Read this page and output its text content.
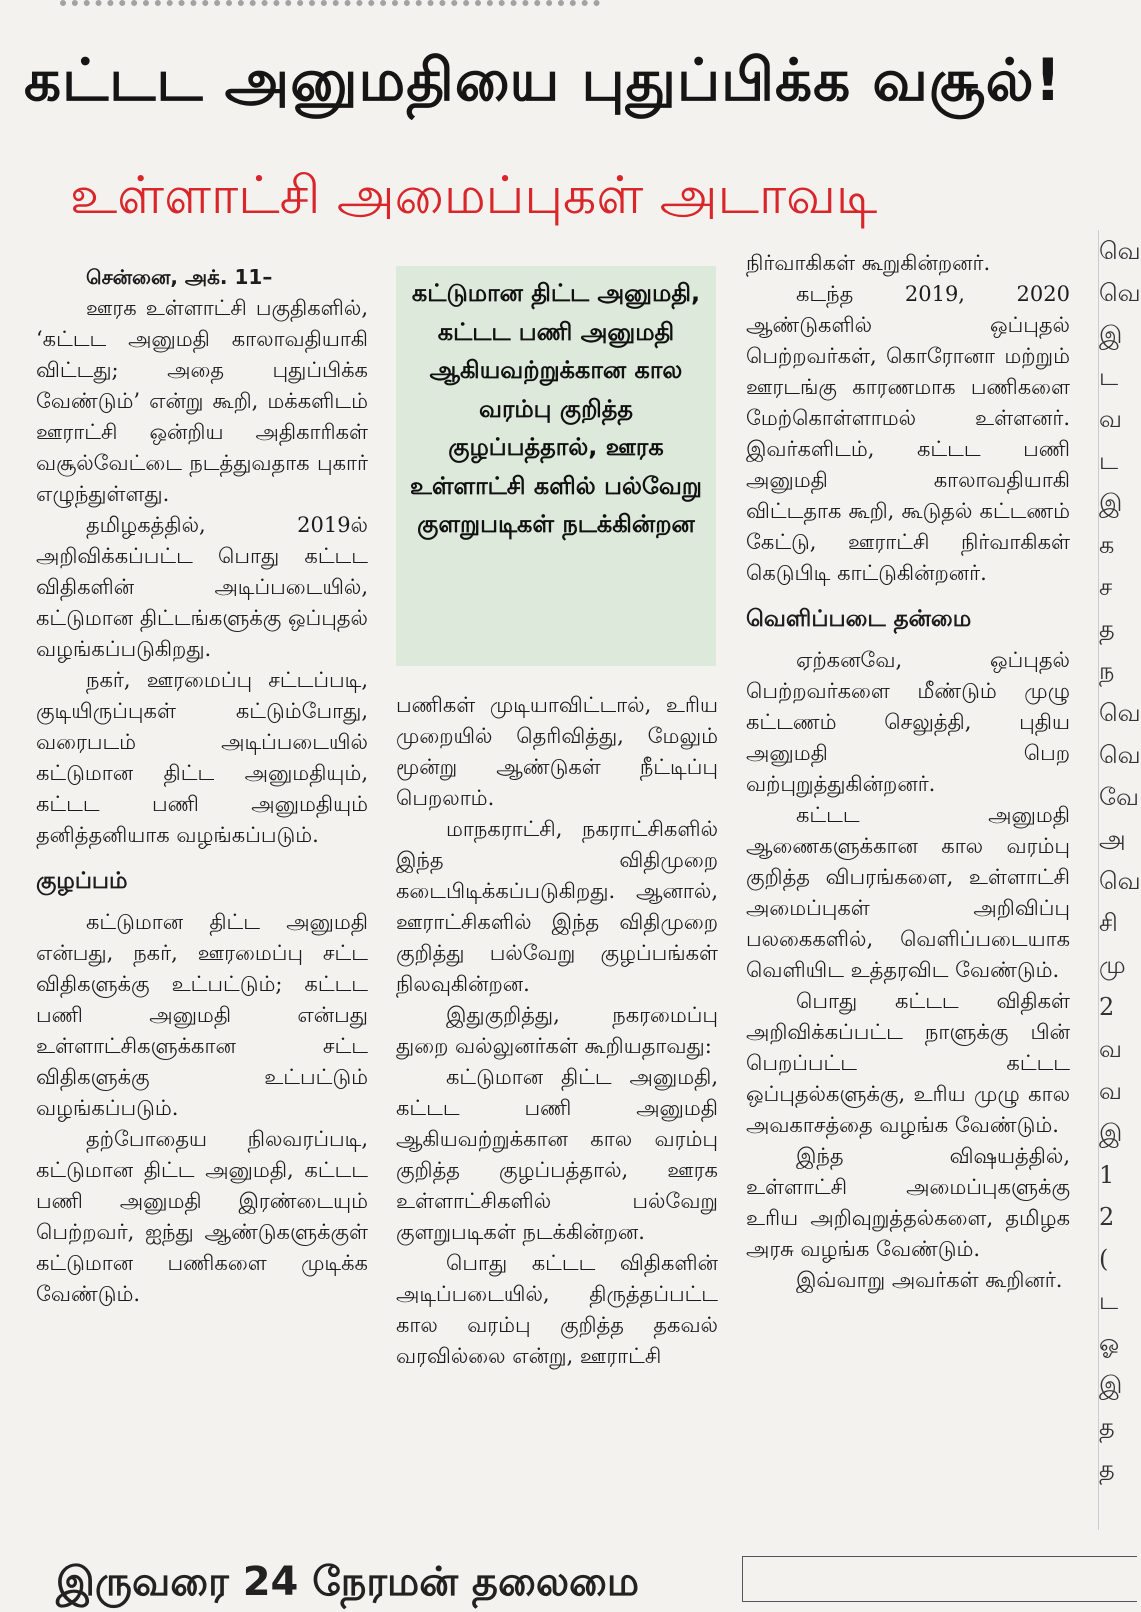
கட்டட அனுமதியை புதுப்பிக்க வசூல்!
உள்ளாட்சி அமைப்புகள் அடாவடி

சென்னை, அக். 11–

ஊரக உள்ளாட்சி பகுதிகளில், ‘கட்டட அனுமதி காலாவதியாகி விட்டது; அதை புதுப்பிக்க வேண்டும்’ என்று கூறி, மக்களிடம் ஊராட்சி ஒன்றிய அதிகாரிகள் வசூல்வேட்டை நடத்துவதாக புகார் எழுந்துள்ளது.

தமிழகத்தில், 2019ல் அறிவிக்கப்பட்ட பொது கட்டட விதிகளின் அடிப்படையில், கட்டுமான திட்டங்களுக்கு ஒப்புதல் வழங்கப்படுகிறது.

நகர், ஊரமைப்பு சட்டப்படி, குடியிருப்புகள் கட்டும்போது, வரைபடம் அடிப்படையில் கட்டுமான திட்ட அனுமதியும், கட்டட பணி அனுமதியும் தனித்தனியாக வழங்கப்படும்.

குழப்பம்

கட்டுமான திட்ட அனுமதி என்பது, நகர், ஊரமைப்பு சட்ட விதிகளுக்கு உட்பட்டும்; கட்டட பணி அனுமதி என்பது உள்ளாட்சிகளுக்கான சட்ட விதிகளுக்கு உட்பட்டும் வழங்கப்படும்.

தற்போதைய நிலவரப்படி, கட்டுமான திட்ட அனுமதி, கட்டட பணி அனுமதி இரண்டையும் பெற்றவர், ஐந்து ஆண்டுகளுக்குள் கட்டுமான பணிகளை முடிக்க வேண்டும்.

கட்டுமான திட்ட அனுமதி, கட்டட பணி அனுமதி ஆகியவற்றுக்கான கால வரம்பு குறித்த குழப்பத்தால், ஊரக உள்ளாட்சி களில் பல்வேறு குளறுபடிகள் நடக்கின்றன

பணிகள் முடியாவிட்டால், உரிய முறையில் தெரிவித்து, மேலும் மூன்று ஆண்டுகள் நீட்டிப்பு பெறலாம்.

மாநகராட்சி, நகராட்சிகளில் இந்த விதிமுறை கடைபிடிக்கப்படுகிறது. ஆனால், ஊராட்சிகளில் இந்த விதிமுறை குறித்து பல்வேறு குழப்பங்கள் நிலவுகின்றன.

இதுகுறித்து, நகரமைப்பு துறை வல்லுனர்கள் கூறியதாவது:

கட்டுமான திட்ட அனுமதி, கட்டட பணி அனுமதி ஆகியவற்றுக்கான கால வரம்பு குறித்த குழப்பத்தால், ஊரக உள்ளாட்சிகளில் பல்வேறு குளறுபடிகள் நடக்கின்றன.

பொது கட்டட விதிகளின் அடிப்படையில், திருத்தப்பட்ட கால வரம்பு குறித்த தகவல் வரவில்லை என்று, ஊராட்சி

நிர்வாகிகள் கூறுகின்றனர்.

கடந்த 2019, 2020 ஆண்டுகளில் ஒப்புதல் பெற்றவர்கள், கொரோனா மற்றும் ஊரடங்கு காரணமாக பணிகளை மேற்கொள்ளாமல் உள்ளனர். இவர்களிடம், கட்டட பணி அனுமதி காலாவதியாகி விட்டதாக கூறி, கூடுதல் கட்டணம் கேட்டு, ஊராட்சி நிர்வாகிகள் கெடுபிடி காட்டுகின்றனர்.

வெளிப்படை தன்மை

ஏற்கனவே, ஒப்புதல் பெற்றவர்களை மீண்டும் முழு கட்டணம் செலுத்தி, புதிய அனுமதி பெற வற்புறுத்துகின்றனர்.

கட்டட அனுமதி ஆணைகளுக்கான கால வரம்பு குறித்த விபரங்களை, உள்ளாட்சி அமைப்புகள் அறிவிப்பு பலகைகளில், வெளிப்படையாக வெளியிட உத்தரவிட வேண்டும்.

பொது கட்டட விதிகள் அறிவிக்கப்பட்ட நாளுக்கு பின் பெறப்பட்ட கட்டட ஒப்புதல்களுக்கு, உரிய முழு கால அவகாசத்தை வழங்க வேண்டும்.

இந்த விஷயத்தில், உள்ளாட்சி அமைப்புகளுக்கு உரிய அறிவுறுத்தல்களை, தமிழக அரசு வழங்க வேண்டும்.

இவ்வாறு அவர்கள் கூறினர்.

வெ
வெ
இ
ட
வ
ட
இ
க
ச
த
ந
வெ
வெ
வே
அ
வெ
சி
மு
2
வ
வ
இ
1
2
(
ட
ஓ
இ
த
த
இருவரை 24 நேரமன் தலைமை
